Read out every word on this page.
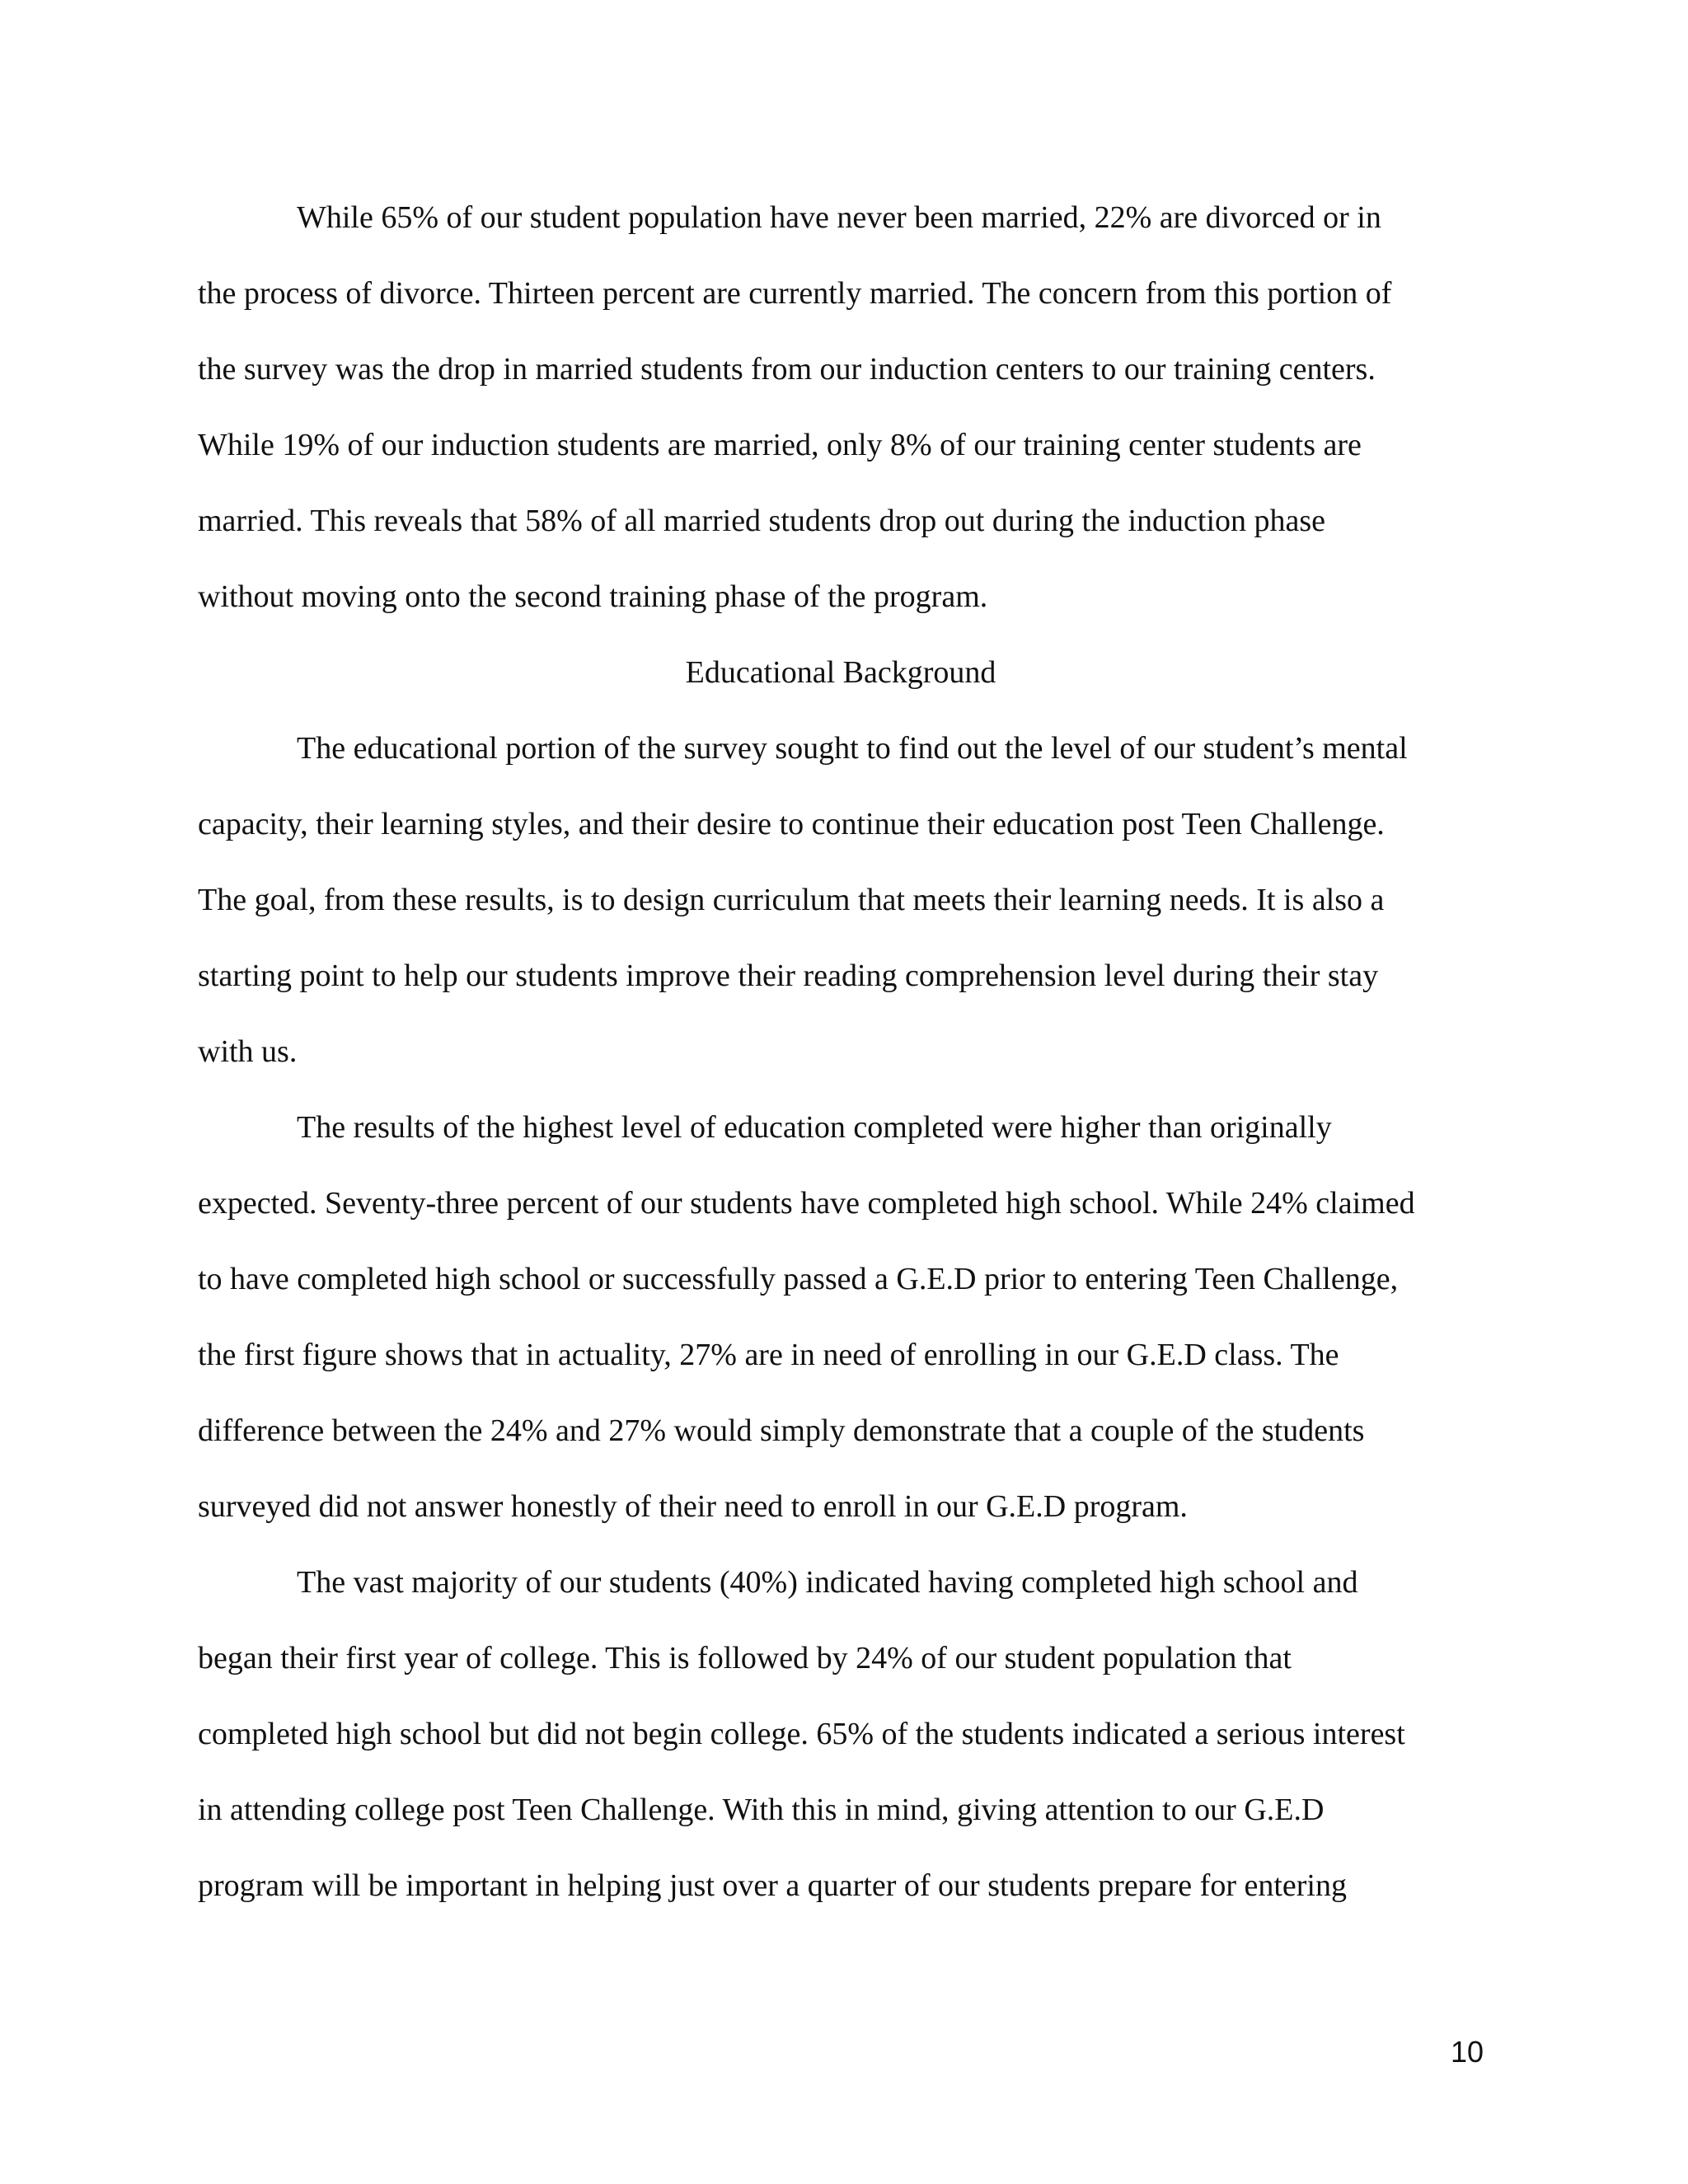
While 65% of our student population have never been married, 22% are divorced or in
the process of divorce. Thirteen percent are currently married. The concern from this portion of
the survey was the drop in married students from our induction centers to our training centers.
While 19% of our induction students are married, only 8% of our training center students are
married. This reveals that 58% of all married students drop out during the induction phase
without moving onto the second training phase of the program.
Educational Background
The educational portion of the survey sought to find out the level of our student’s mental
capacity, their learning styles, and their desire to continue their education post Teen Challenge.
The goal, from these results, is to design curriculum that meets their learning needs. It is also a
starting point to help our students improve their reading comprehension level during their stay
with us.
The results of the highest level of education completed were higher than originally
expected. Seventy-three percent of our students have completed high school. While 24% claimed
to have completed high school or successfully passed a G.E.D prior to entering Teen Challenge,
the first figure shows that in actuality, 27% are in need of enrolling in our G.E.D class. The
difference between the 24% and 27% would simply demonstrate that a couple of the students
surveyed did not answer honestly of their need to enroll in our G.E.D program.
The vast majority of our students (40%) indicated having completed high school and
began their first year of college. This is followed by 24% of our student population that
completed high school but did not begin college. 65% of the students indicated a serious interest
in attending college post Teen Challenge. With this in mind, giving attention to our G.E.D
program will be important in helping just over a quarter of our students prepare for entering
10
